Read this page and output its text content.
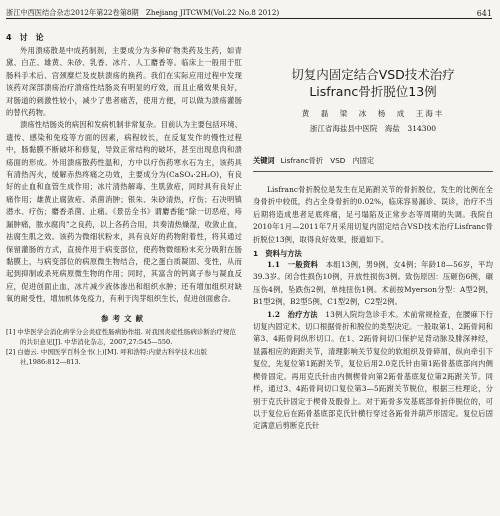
浙江中西医结合杂志2012年第22卷第8期　Zhejiang JITCWM(Vol.22 No.8 2012)	641
4　讨　论

外用溃疡散是中成药制剂，主要成分为多种矿物类药及生药，如青黛、白芷、雄黄、朱砂、乳香、冰片、人工麝香等。临床上一般用于肛肠科手术后、宫颈糜烂及皮肤溃疡的换药。我们在实际应用过程中发现该药对深部溃疡治疗溃疡性结肠炎有明显的疗效，而且止痛效果良好，对肠道的刺激性较小，减少了患者痛苦，使用方便，可以做为溃疡灌肠的替代药物。

溃疡性结肠炎的病因和发病机制非常复杂。目前认为主要包括环境、遗传、感染和免疫等方面的因素，病程较长，在反复发作的慢性过程中，肠黏膜不断破坏和修复，导致正常结构的破坏，甚至出现息肉和溃疡面的形成。外用溃疡散药性温和，方中以疗伤药寒水石为主，该药具有清热泻火，缓解赤热疼痛之功效，主要成分为(CaSO₄·2H₂O)，有良好的止血和血管生成作用；冰片清热解毒、生肌敛疮，同时具有良好止痛作用；雄黄止腐敛疮、杀菌消肿；银朱、朱砂清热，疗伤；石决明镇潜水、疗伤；麝香杀菌、止痛。《景岳全书》谓麝香能“除一切恶疮，痔漏肿痛，脓水腐肉”之良药，以上各药合用，共奏清热燥湿，收敛止血，祛腐生肌之效。该药为微细状粉末，具有良好的药物附着性，将其通过保留灌肠的方式，直接作用于病变部位，使药物微细粉末充分吸附在肠黏膜上，与病变部位的病原微生物结合，使之蛋白质凝固、变性，从而起到抑制或杀死病原微生物的作用；同时，其富含的钙离子参与凝血反应，促进创面止血，冰片减少液体渗出和组织水肿；还有增加组织对缺氧的耐受性，增加机体免疫力，有利于肉芽组织生长，促进创面愈合。

参考文献

[1] 中华医学会消化病学分会炎症性肠病协作组. 对我国炎症性肠病诊断治疗规范的共识意见[J]. 中华消化杂志，2007,27:545—550.

[2] 白德云. 中国医学百科全书(上)[M]. 呼和浩特:内蒙古科学技术出版社,1986:812—813.

切复内固定结合VSD技术治疗
Lisfranc骨折脱位13例
黄　磊　梁　冰　杨　成　王海丰
浙江省海盐县中医院　海盐　314300
关键词 Lisfranc骨折　VSD　内固定

Lisfranc骨折脱位是发生在足跖跗关节的骨折脱位，发生的比例在全身骨折中较低，约占全身骨折的0.02%，临床容易漏诊、误诊，治疗不当后期将造成患者足底疼痛，足弓塌陷及正常步态等周期的失调。我院自2010年1月—2011年7月采用切复内固定结合VSD技术治疗Lisfranc骨折脱位13例，取得良好效果，报道如下。

1　资料与方法

1.1　一般资料　 本组13例，男9例，女4例；年龄18—56岁，平均39.3岁。闭合性损伤10例，开放性损伤3例。致伤原因：压砸伤6例，碾压伤4例，坠跌伤2例，单纯扭伤1例。术前按Myerson分型：A型2例，B1型2例，B2型5例，C1型2例，C2型2例。

1.2　治疗方法　 13例入院均急诊手术。术前常规检查，在腰麻下行切复内固定术。切口根据骨折和脱位的类型决定。一般取第1、2跖骨间和第3、4跖骨间纵形切口。在1、2跖骨间切口保护足背动脉及腓深神经，显露相应的距跗关节，清理影响关节复位的软组织及骨碎屑，纵向牵引下复位，先复位第1跖跗关节，复位后用2.0克氏针由第1跖骨基底部向内侧楔骨固定。再用克氏针由内侧楔骨向第2跖骨基底复位第2跖跗关节。同样，通过3、4跖骨间切口复位第3—5跖跗关节脱位，根据三柱理论，分别于克氏针固定于楔骨及骰骨上。对于跖骨多发基底部骨折伴脱位的，可以于复位后在跖骨基底部克氏针横行穿过各跖骨并葫芦形固定。复位后固定满意后剪断克氏针
